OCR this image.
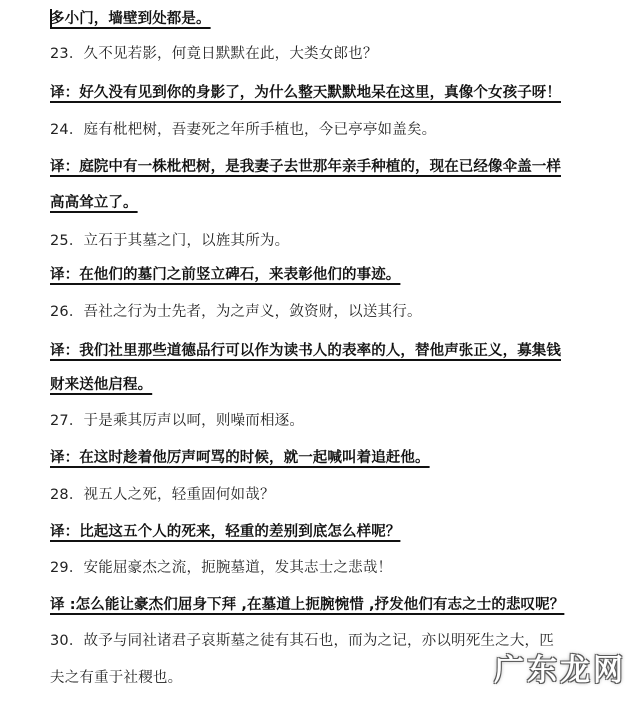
多小门，墙壁到处都是。
23．久不见若影，何竟日默默在此，大类女郎也？
译：好久没有见到你的身影了，为什么整天默默地呆在这里，真像个女孩子呀！
24．庭有枇杷树，吾妻死之年所手植也，今已亭亭如盖矣。
译：庭院中有一株枇杷树，是我妻子去世那年亲手种植的，现在已经像伞盖一样
高高耸立了。
25．立石于其墓之门，以旌其所为。
译：在他们的墓门之前竖立碑石，来表彰他们的事迹。
26．吾社之行为士先者，为之声义，敛资财，以送其行。
译：我们社里那些道德品行可以作为读书人的表率的人，替他声张正义，募集钱
财来送他启程。
27．于是乘其厉声以呵，则噪而相逐。
译：在这时趁着他厉声呵骂的时候，就一起喊叫着追赶他。
28．视五人之死，轻重固何如哉？
译：比起这五个人的死来，轻重的差别到底怎么样呢？
29．安能屈豪杰之流，扼腕墓道，发其志士之悲哉！
译 :怎么能让豪杰们屈身下拜 ,在墓道上扼腕惋惜 ,抒发他们有志之士的悲叹呢？
30．故予与同社诸君子哀斯墓之徒有其石也，而为之记，亦以明死生之大，匹
夫之有重于社稷也。	广东龙网
